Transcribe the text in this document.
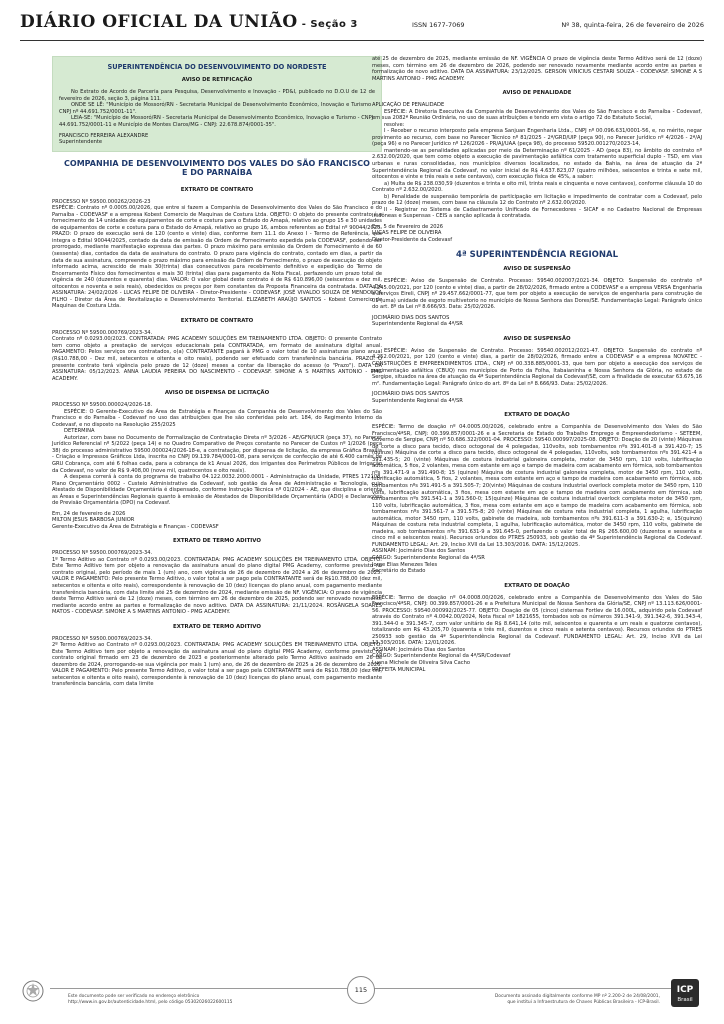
DIÁRIO OFICIAL DA UNIÃO - Seção 3	ISSN 1677-7069	Nº 38, quinta-feira, 26 de fevereiro de 2026
SUPERINTENDÊNCIA DO DESENVOLVIMENTO DO NORDESTE
AVISO DE RETIFICAÇÃO

No Extrato de Acordo de Parceria para Pesquisa, Desenvolvimento e Inovação - PD&I, publicado no D.O.U de 12 de fevereiro de 2026, seção 3, página 111.

ONDE SE LÊ: "Município de Mossoró/RN - Secretaria Municipal de Desenvolvimento Econômico, Inovação e Turismo - CNPJ nº 44.691.752/0001-11".

LEIA-SE: "Município de Mossoró/RN - Secretaria Municipal de Desenvolvimento Econômico, Inovação e Turismo - CNPJ: 44.691.752/0001-11 e Município de Montes Claros/MG - CNPJ: 22.678.874/0001-35".

FRANCISCO FERREIRA ALEXANDRE

Superintendente

COMPANHIA DE DESENVOLVIMENTO DOS VALES DO SÃO FRANCISCO E DO PARNAÍBA
EXTRATO DE CONTRATO

PROCESSO Nº 59500.000262/2026-23

ESPÉCIE: Contrato nº 0.0005.00/2026, que entre si fazem a Companhia de Desenvolvimento dos Vales do São Francisco e do Parnaíba - CODEVASF e a empresa Kobest Comercio de Maquinas de Costura Ltda. OBJETO: O objeto do presente contrato é o fornecimento de 14 unidades de equipamentos de corte e costura para o Estado do Amapá, relativo ao grupo 15 e 30 unidades de equipamentos de corte e costura para o Estado do Amapá, relativo ao grupo 16, ambos referentes ao Edital nº 90044/2025. PRAZO: O prazo de execução será de 120 (cento e vinte) dias, conforme item 11.1 do Anexo I - Termo de Referência, que integra o Edital 90044/2025, contado da data de emissão da Ordem de Fornecimento expedida pela CODEVASF, podendo ser prorrogado, mediante manifestação expressa das partes. O prazo máximo para emissão da Ordem de Fornecimento é de 60 (sessenta) dias, contados da data de assinatura do contrato. O prazo para vigência do contrato, contado em dias, a partir da data de sua assinatura, compreende o prazo máximo para emissão da Ordem de Fornecimento, o prazo de execução do objeto informado acima, acrescido de mais 30(trinta) dias consecutivos para recebimento definitivo e expedição do Termo de Encerramento Físico dos fornecimentos e mais 30 (trinta) dias para pagamento da Nota Fiscal, perfazendo um prazo total de vigência de 240 (duzentos e quarenta) dias. VALOR: O valor global deste contrato é de R$ 610.896,00 (seiscentos e dez mil, oitocentos e noventa e seis reais), obedecidos os preços por item constantes da Proposta Financeira da contratada. DATA DA ASSINATURA: 24/02/2026 - LUCAS FELIPE DE OLIVEIRA - Diretor-Presidente - CODEVASF. JOSÉ VIVALDO SOUZA DE MENDONÇA FILHO - Diretor da Área de Revitalização e Desenvolvimento Territorial. ELIZABETH ARAÚJO SANTOS - Kobest Comercio de Maquinas de Costura Ltda.

EXTRATO DE CONTRATO

PROCESSO Nº 59500.000769/2023-34.

Contrato nº 0.0293.00/2023. CONTRATADA: PMG ACADEMY SOLUÇÕES EM TREINAMENTO LTDA. OBJETO: O presente Contrato tem como objeto a prestação de serviços educacionais pela CONTRATADA, em formato de assinatura digital anual. PAGAMENTO: Pelos serviços ora contratados, o(a) CONTRATANTE pagará à PMG o valor total de 10 assinaturas plano anual (R$10.788,00 - Dez mil, setecentos e oitenta e oito reais), podendo ser efetuado com transferência bancária. PRAZO: O presente contrato terá vigência pelo prazo de 12 (doze) meses a contar da liberação do acesso (o "Prazo"). DATA DA ASSINATURA: 05/12/2023. ANNA LAUDIA PEREIRA DO NASCIMENTO - CODEVASF. SIMONE A S MARTINS ANTONIO - PMG ACADEMY.

AVISO DE DISPENSA DE LICITAÇÃO

PROCESSO Nº 59500.000024/2026-18.

ESPÉCIE: O Gerente-Executivo da Área de Estratégia e Finanças da Companhia de Desenvolvimento dos Vales do São Francisco e do Parnaíba - Codevasf no uso das atribuições que lhe são conferidas pelo art. 184, do Regimento Interno da Codevasf, e no disposto na Resolução 255/2025

DETERMINA

Autorizar, com base no Documento de Formalização de Contratação Direta nº 3/2026 - AE/GFN/UCR (peça 37), no Parecer Jurídico Referencial nº 5/2022 (peça 14) e no Quadro Comparativo de Preços constante no Parecer de Custos nº 1/2026 (peça 38) do processo administrativo 59500.000024/2026-18-e, a contratação, por dispensa de licitação, da empresa Gráfica Brasília - Criação e Impressos Gráficos Ltda, inscrita no CNPJ 09.139.784/0001-08, para serviços de confecção de até 6.400 carnês de GRU Cobrança, com até 6 folhas cada, para a cobrança de k1 Anual 2026, dos irrigantes dos Perímetros Públicos de Irrigação da Codevasf, no valor de R$ 9.408,00 (nove mil, quatrocentos e oito reais).

A despesa correrá à conta do programa de trabalho 04.122.0032.2000.0001 - Administração da Unidade, PTRES 172108, Plano Orçamentário 0002 - Custeio Administrativo da Codevasf, sob gestão da Área de Administração e Tecnologia, cujo Atestado de Disponibilidade Orçamentária é dispensado, conforme Instrução Técnica nº 01/2024 - AE, que disciplina e orienta as Áreas e Superintendências Regionais quanto à emissão de Atestados de Disponibilidade Orçamentária (ADO) e Declarações de Previsão Orçamentária (DPO) na Codevasf.

Em, 24 de fevereiro de 2026

MILTON JESUS BARBOSA JUNIOR

Gerente-Executivo da Área de Estratégia e Finanças - CODEVASF

EXTRATO DE TERMO ADITIVO

PROCESSO Nº 59500.000769/2023-34.

1º Termo Aditivo ao Contrato nº 0.0293.00/2023. CONTRATADA: PMG ACADEMY SOLUÇÕES EM TREINAMENTO LTDA. OBJETO: Este Termo Aditivo tem por objeto a renovação da assinatura anual do plano digital PMG Academy, conforme previsto no contrato original, pelo período de mais 1 (um) ano, com vigência de 26 de dezembro de 2024 a 26 de dezembro de 2025. VALOR E PAGAMENTO: Pelo presente Termo Aditivo, o valor total a ser pago pela CONTRATANTE será de R$10.788,00 (dez mil, setecentos e oitenta e oito reais), correspondente à renovação de 10 (dez) licenças do plano anual, com pagamento mediante transferência bancária, com data limite até 25 de dezembro de 2024, mediante emissão de NF. VIGÊNCIA: O prazo de vigência deste Termo Aditivo será de 12 (doze) meses, com término em 26 de dezembro de 2025, podendo ser renovado novamente mediante acordo entre as partes e formalização de novo aditivo. DATA DA ASSINATURA: 21/11/2024. ROSÂNGELA SOARES MATOS - CODEVASF. SIMONE A S MARTINS ANTONIO - PMG ACADEMY.

EXTRATO DE TERMO ADITIVO

PROCESSO Nº 59500.000769/2023-34.

2º Termo Aditivo ao Contrato nº 0.0293.00/2023. CONTRATADA: PMG ACADEMY SOLUÇÕES EM TREINAMENTO LTDA. OBJETO: Este Termo Aditivo tem por objeto a renovação da assinatura anual do plano digital PMG Academy, conforme previsto no contrato original firmado em 23 de dezembro de 2023 e posteriormente alterado pelo Termo Aditivo assinado em 26 de dezembro de 2024, prorrogando-se sua vigência por mais 1 (um) ano, de 26 de dezembro de 2025 a 26 de dezembro de 2026. VALOR E PAGAMENTO: Pelo presente Termo Aditivo, o valor total a ser pago pela CONTRATANTE será de R$10.788,00 (dez mil, setecentos e oitenta e oito reais), correspondente à renovação de 10 (dez) licenças do plano anual, com pagamento mediante transferência bancária, com data limite

até 25 de dezembro de 2025, mediante emissão de NF. VIGÊNCIA O prazo de vigência deste Termo Aditivo será de 12 (doze) meses, com término em 26 de dezembro de 2026, podendo ser renovado novamente mediante acordo entre as partes e formalização de novo aditivo. DATA DA ASSINATURA: 23/12/2025. GERSON VINICIUS CESTARI SOUZA - CODEVASF. SIMONE A S MARTINS ANTONIO - PMG ACADEMY.

AVISO DE PENALIDADE

APLICAÇÃO DE PENALIDADE

ESPÉCIE: A Diretoria Executiva da Companhia de Desenvolvimento dos Vales do São Francisco e do Parnaíba - Codevasf, em sua 2082ª Reunião Ordinária, no uso de suas atribuições e tendo em vista o artigo 72 do Estatuto Social,

resolve:

I - Receber o recurso interposto pela empresa Sanjuan Engenharia Ltda., CNPJ nº 00.096.631/0001-56, e, no mérito, negar provimento ao recurso, com base no Parecer Técnico nº 81/2025 - 2ª/GRD/UIP (peça 90), no Parecer Jurídico nº 4/2026 - 2ª/AJ (peça 96) e no Parecer Jurídico nº 126/2026 - PR/AJ/UAA (peça 98), do processo 59520.001270/2023-14,

mantendo-se as penalidades aplicadas por meio da Determinação nº 61/2025 - AD (peça 83), no âmbito do contrato nº 2.632.00/2020, que tem como objeto a execução de pavimentação asfáltica com tratamento superficial duplo - TSD, em vias urbanas e ruras consolidadas, nos municípios diversos localizados, no estado da Bahia, na área de atuação da 2ª Superintendência Regional da Codevasf, no valor inicial de R$ 4.637.823,07 (quatro milhões, seiscentos e trinta e sete mil, oitocentos e vinte e três reais e sete centavos), com execução física de 45%, a saber:

a) Multa de R$ 238.030,59 (duzentos e trinta e oito mil, trinta reais e cinquenta e nove centavos), conforme cláusula 10 do Contrato nº 2.632.00/2020.

b) Penalidade de suspensão temporária de participação em licitação e impedimento de contratar com a Codevasf, pelo prazo de 12 (doze) meses, com base na cláusula 12 do Contrato nº 2.632.00/2020.

II - Registrar no Sistema de Cadastramento Unificado de Fornecedores - SICAF e no Cadastro Nacional de Empresas Inidôneas e Suspensas - CEIS a sanção aplicada à contratada.

Em, 5 de Fevereiro de 2026

LUCAS FELIPE DE OLIVEIRA

Diretor-Presidente da Codevasf

4ª SUPERINTENDÊNCIA REGIONAL
AVISO DE SUSPENSÃO

ESPÉCIE: Aviso de Suspensão de Contrato. Processo: 59540.002007/2021-34. OBJETO: Suspensão do contrato nº 4.245.00/2021, por 120 (cento e vinte) dias, a partir de 28/02/2026, firmado entre a CODEVASF e a empresa VERSA Engenharia e Serviços Eireli, CNPJ nº 29.457.662/0001-77, que tem por objeto a execução de serviços de engenharia para construção de 01 (uma) unidade de esgoto multivetorio no município de Nossa Senhora das Dores/SE. Fundamentação Legal: Parágrafo único do art. 8º da Lei nº 8.666/93. Data: 25/02/2026.

JOCIMÁRIO DIAS DOS SANTOS

Superintendente Regional da 4ª/SR

AVISO DE SUSPENSÃO

ESPÉCIE: Aviso de Suspensão de Contrato. Processo: 59540.002012/2021-47. OBJETO: Suspensão do contrato nº 4.252.00/2021, por 120 (cento e vinte) dias, a partir de 28/02/2026, firmado entre a CODEVASF e a empresa NOVATEC - CONSTRUÇÕES E EMPREENDIMENTOS LTDA., CNPJ nº 00.338.885/0001-33, que tem por objeto a execução dos serviços de pavimentação asfáltica (CBUQ) nos municípios de Porto da Folha, Itabaianinha e Nossa Senhora da Glória, no estado de Sergipe, situados na área de atuação da 4ª Superintendência Regional da Codevasf/SE, com a finalidade de executar 63.675,16 m². Fundamentação Legal: Parágrafo único do art. 8º da Lei nº 8.666/93. Data: 25/02/2026.

JOCIMÁRIO DIAS DOS SANTOS

Superintendente Regional da 4ª/SR

EXTRATO DE DOAÇÃO

ESPÉCIE: Termo de doação nº 04.0005.00/2026, celebrado entre a Companhia de Desenvolvimento dos Vales do São Francisco/4ªSR, CNPJ: 00.399.857/0001-26 e a Secretaria de Estado do Trabalho Emprego e Empreendedorismo - SETEEM, Governo de Sergipe, CNPJ nº 50.686.322/0001-04. PROCESSO: 59540.000997/2025-08. OBJETO: Doação de 20 (vinte) Máquinas de corte a disco para tecido, disco octogonal de 4 polegadas, 110volts, sob tombamentos nºs 391.401-8 a 391.420-7; 15 (quinze) Máquina de corte a disco para tecido, disco octogonal de 4 polegadas, 110volts, sob tombamentos nºs 391.421-4 a 391.435-5; 20 (vinte) Máquinas de costura industrial galoneira completa, motor de 3450 rpm, 110 volts, lubrificação automática, 5 fios, 2 volantes, mesa com estante em aço e tampo de madeira com acabamento em fórmica, sob tombamentos nºs 391.471-9 a 391.490-8; 15 (quinze) Máquina de costura industrial galoneira completa, motor de 3450 rpm, 110 volts, lubrificação automática, 5 fios, 2 volantes, mesa com estante em aço e tampo de madeira com acabamento em fórmica, sob tombamentos nºs 391.491-5 a 391.505-7; 20(vinte) Máquinas de costura industrial overlock completa motor de 3450 rpm, 110 volts, lubrificação automática, 3 fios, mesa com estante em aço e tampo de madeira com acabamento em fórmica, sob tombamentos nºs 391.541-1 a 391.560-0; 15(quinze) Máquinas de costura industrial overlock completa motor de 3450 rpm, 110 volts, lubrificação automática, 3 fios, mesa com estante em aço e tampo de madeira com acabamento em fórmica, sob tombamentos nºs 391.561-7 a 391.575-8; 20 (vinte) Máquinas de costura reta industrial completa, 1 agulha, lubrificação automática, motor 3450 rpm, 110 volts, gabinete de madeira, sob tombamentos nºs 391.611-3 a 391.630-2; e, 15(quinze) Máquinas de costura reta industrial completa, 1 agulha, lubrificação automática, motor de 3450 rpm, 110 volts, gabinete de madeira, sob tombamentos nºs 391.631-9 a 391.645-0, perfazendo o valor total de R$ 265.600,00 (duzentos e sessenta e cinco mil e seiscentos reais). Recursos oriundos do PTRES 250933, sob gestão da 4ª Superintendência Regional da Codevasf. FUNDAMENTO LEGAL: Art. 29, Inciso XVII da Lei 13.303/2016. DATA: 15/12/2025.

ASSINAM: Jocimário Dias dos Santos

CARGO: Superintendente Regional da 4ª/SR

Jorge Elias Menezes Teles

Secretário do Estado

EXTRATO DE DOAÇÃO

ESPÉCIE: Termo de doação nº 04.0008.00/2026, celebrado entre a Companhia de Desenvolvimento dos Vales do São Francisco/4ªSR, CNPJ: 00.399.857/0001-26 e a Prefeitura Municipal de Nossa Senhora da Glória/SE, CNPJ nº 13.113.626/0001-56. PROCESSO: 59540.000992/2025-77. OBJETO: Doação de 05 (cinco) cisternas Fortlev de 16.000L, adquirido pela Codevasf através do Contrato nº 4.0042.00/2024, Nota fiscal nº 1821655, tombados sob os números 391.341-9, 391.342-6, 391.343-4, 391.344-0 e 391.345-7, com valor unitário de R$ 8.641,14 (oito mil, seiscentos e quarenta e um reais e quatorze centavos), totalizando em R$ 43.205,70 (quarenta e três mil, duzentos e cinco reais e setenta centavos). Recursos oriundos do PTRES 250933 sob gestão da 4ª Superintendência Regional da Codevasf. FUNDAMENTO LEGAL: Art. 29, Inciso XVII da Lei 13.303/2016. DATA: 12/01/2026.

ASSINAM: Jocimário Dias dos Santos

CARGO: Superintendente Regional da 4ª/SR/Codevasf

Luana Michele de Oliveira Silva Cacho

PREFEITA MUNICIPAL

Este documento pode ser verificado no endereço eletrônico
http://www.in.gov.br/autenticidade.html, pelo código 05302026022600115
115
Documento assinado digitalmente conforme MP nº 2.200-2 de 24/08/2001,
que institui a Infraestrutura de Chaves Públicas Brasileira - ICP-Brasil.
ICP
Brasil
